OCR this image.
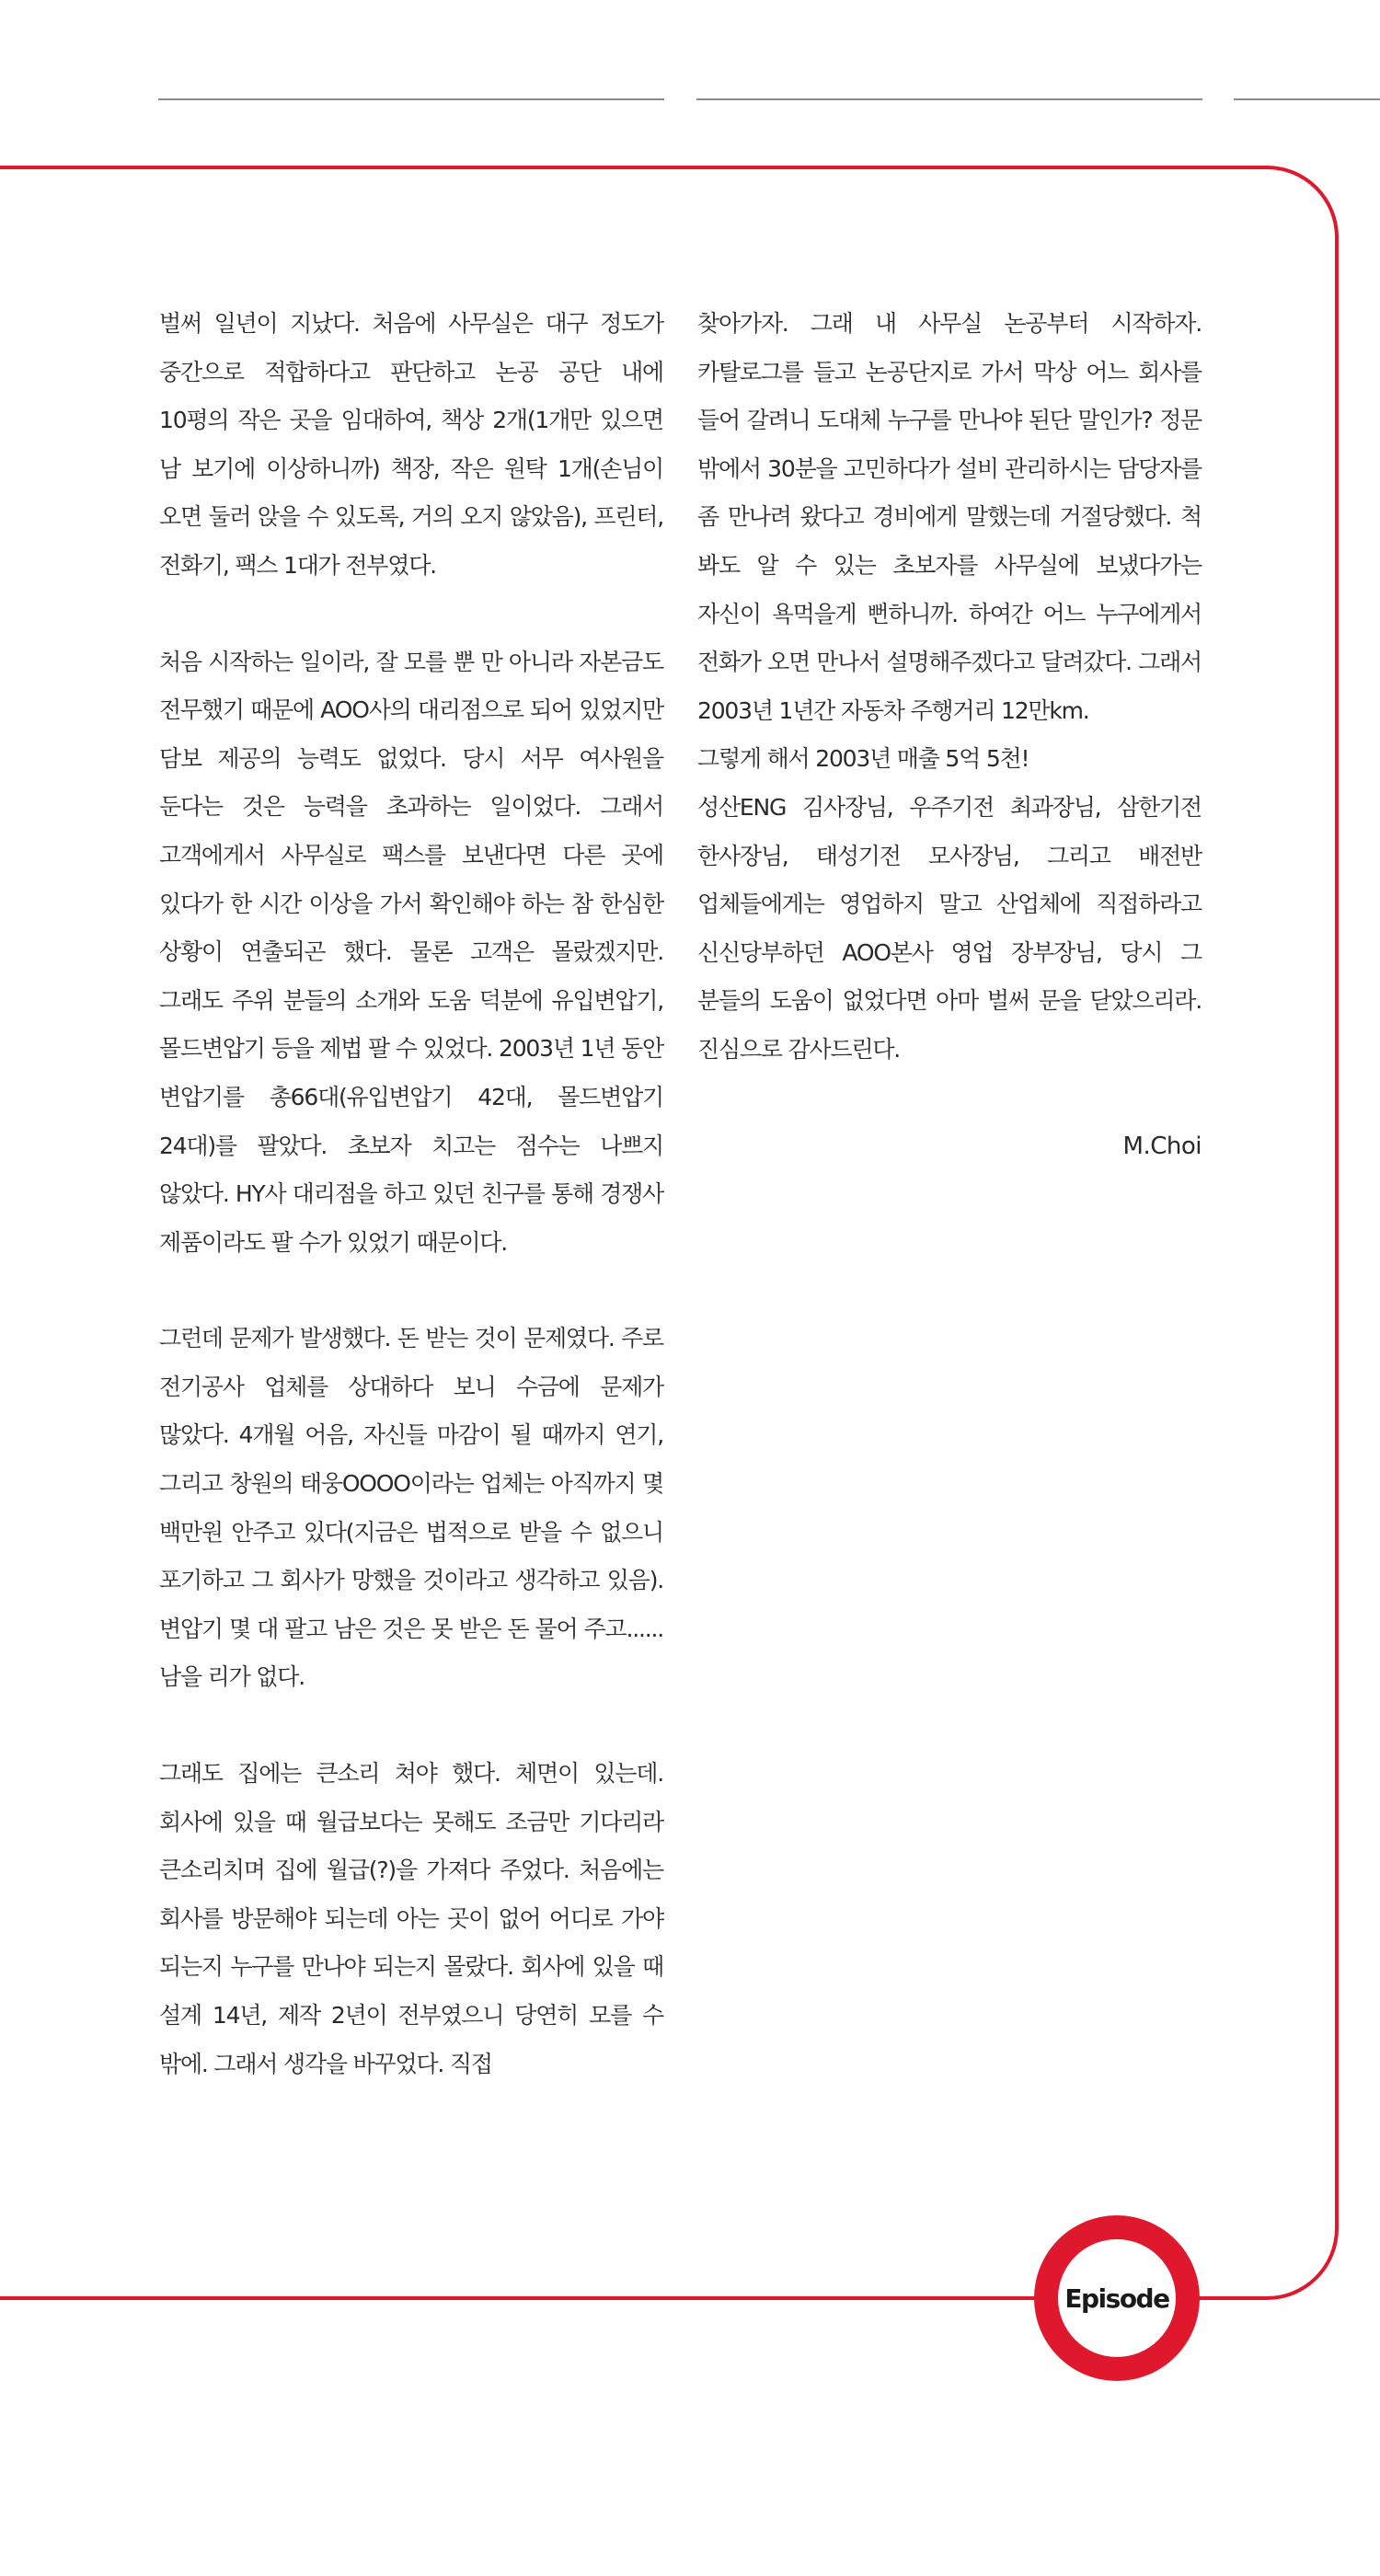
벌써 일년이 지났다. 처음에 사무실은 대구 정도가 중간으로 적합하다고 판단하고 논공 공단 내에 10평의 작은 곳을 임대하여, 책상 2개(1개만 있으면 남 보기에 이상하니까) 책장, 작은 원탁 1개(손님이 오면 둘러 앉을 수 있도록, 거의 오지 않았음), 프린터, 전화기, 팩스 1대가 전부였다.

처음 시작하는 일이라, 잘 모를 뿐 만 아니라 자본금도 전무했기 때문에 AOO사의 대리점으로 되어 있었지만 담보 제공의 능력도 없었다. 당시 서무 여사원을 둔다는 것은 능력을 초과하는 일이었다. 그래서 고객에게서 사무실로 팩스를 보낸다면 다른 곳에 있다가 한 시간 이상을 가서 확인해야 하는 참 한심한 상황이 연출되곤 했다. 물론 고객은 몰랐겠지만. 그래도 주위 분들의 소개와 도움 덕분에 유입변압기, 몰드변압기 등을 제법 팔 수 있었다. 2003년 1년 동안 변압기를 총66대(유입변압기 42대, 몰드변압기 24대)를 팔았다. 초보자 치고는 점수는 나쁘지 않았다. HY사 대리점을 하고 있던 친구를 통해 경쟁사 제품이라도 팔 수가 있었기 때문이다.

그런데 문제가 발생했다. 돈 받는 것이 문제였다. 주로 전기공사 업체를 상대하다 보니 수금에 문제가 많았다. 4개월 어음, 자신들 마감이 될 때까지 연기, 그리고 창원의 태웅OOOO이라는 업체는 아직까지 몇 백만원 안주고 있다(지금은 법적으로 받을 수 없으니 포기하고 그 회사가 망했을 것이라고 생각하고 있음). 변압기 몇 대 팔고 남은 것은 못 받은 돈 물어 주고......남을 리가 없다.

그래도 집에는 큰소리 쳐야 했다. 체면이 있는데. 회사에 있을 때 월급보다는 못해도 조금만 기다리라 큰소리치며 집에 월급(?)을 가져다 주었다. 처음에는 회사를 방문해야 되는데 아는 곳이 없어 어디로 가야 되는지 누구를 만나야 되는지 몰랐다. 회사에 있을 때 설계 14년, 제작 2년이 전부였으니 당연히 모를 수 밖에. 그래서 생각을 바꾸었다. 직접

찾아가자. 그래 내 사무실 논공부터 시작하자. 카탈로그를 들고 논공단지로 가서 막상 어느 회사를 들어 갈려니 도대체 누구를 만나야 된단 말인가? 정문 밖에서 30분을 고민하다가 설비 관리하시는 담당자를 좀 만나려 왔다고 경비에게 말했는데 거절당했다. 척 봐도 알 수 있는 초보자를 사무실에 보냈다가는 자신이 욕먹을게 뻔하니까. 하여간 어느 누구에게서 전화가 오면 만나서 설명해주겠다고 달려갔다. 그래서 2003년 1년간 자동차 주행거리 12만km.

그렇게 해서 2003년 매출 5억 5천!

성산ENG 김사장님, 우주기전 최과장님, 삼한기전 한사장님, 태성기전 모사장님, 그리고 배전반 업체들에게는 영업하지 말고 산업체에 직접하라고 신신당부하던 AOO본사 영업 장부장님, 당시 그 분들의 도움이 없었다면 아마 벌써 문을 닫았으리라. 진심으로 감사드린다.

M.Choi

Episode
